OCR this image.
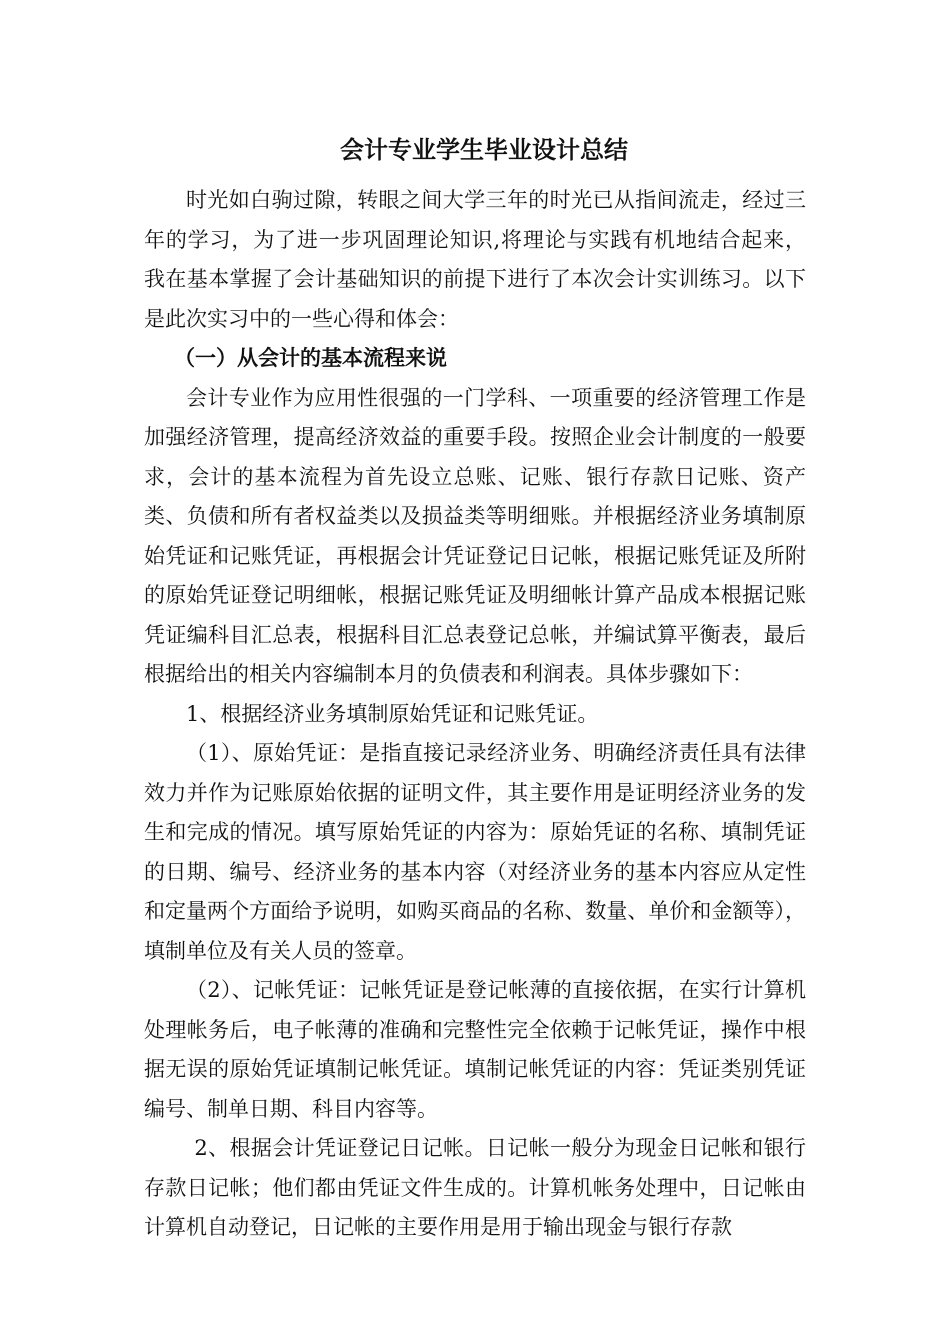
会计专业学生毕业设计总结

时光如白驹过隙，转眼之间大学三年的时光已从指间流走，经过三年的学习，为了进一步巩固理论知识,将理论与实践有机地结合起来， 我在基本掌握了会计基础知识的前提下进行了本次会计实训练习。以下是此次实习中的一些心得和体会：

（一）从会计的基本流程来说

会计专业作为应用性很强的一门学科、一项重要的经济管理工作是加强经济管理，提高经济效益的重要手段。按照企业会计制度的一般要求，会计的基本流程为首先设立总账、记账、银行存款日记账、资产类、负债和所有者权益类以及损益类等明细账。并根据经济业务填制原始凭证和记账凭证，再根据会计凭证登记日记帐，根据记账凭证及所附的原始凭证登记明细帐，根据记账凭证及明细帐计算产品成本根据记账凭证编科目汇总表，根据科目汇总表登记总帐，并编试算平衡表，最后根据给出的相关内容编制本月的负债表和利润表。具体步骤如下：

1、根据经济业务填制原始凭证和记账凭证。

（1）、原始凭证：是指直接记录经济业务、明确经济责任具有法律效力并作为记账原始依据的证明文件，其主要作用是证明经济业务的发生和完成的情况。填写原始凭证的内容为：原始凭证的名称、填制凭证的日期、编号、经济业务的基本内容（对经济业务的基本内容应从定性和定量两个方面给予说明，如购买商品的名称、数量、单价和金额等），填制单位及有关人员的签章。

（2）、记帐凭证：记帐凭证是登记帐薄的直接依据，在实行计算机处理帐务后，电子帐薄的准确和完整性完全依赖于记帐凭证，操作中根据无误的原始凭证填制记帐凭证。填制记帐凭证的内容：凭证类别凭证编号、制单日期、科目内容等。

2、根据会计凭证登记日记帐。日记帐一般分为现金日记帐和银行存款日记帐；他们都由凭证文件生成的。计算机帐务处理中，日记帐由计算机自动登记，日记帐的主要作用是用于输出现金与银行存款
